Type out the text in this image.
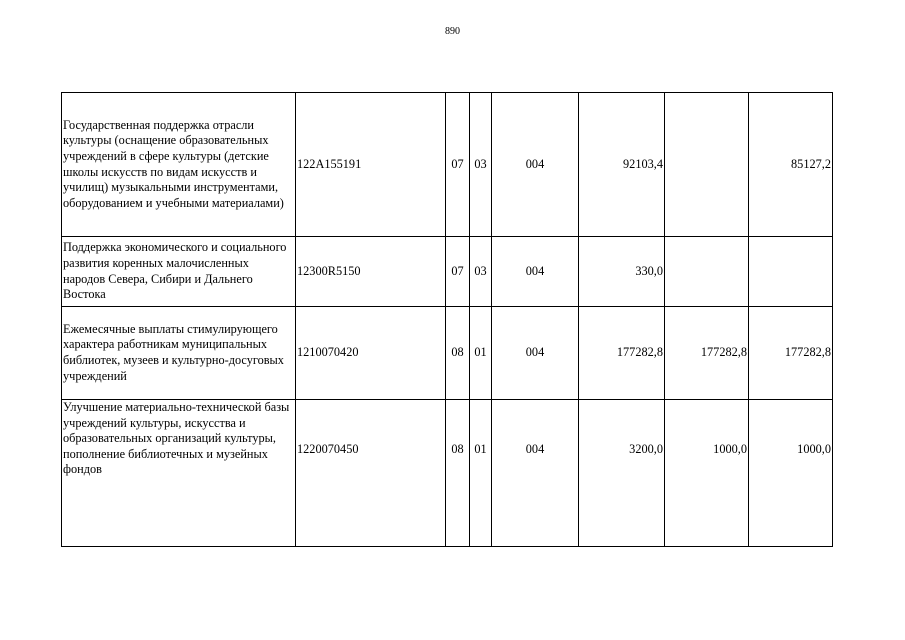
890
Государственная поддержка отрасли культуры (оснащение образовательных учреждений в сфере культуры (детские школы искусств по видам искусств и училищ) музыкальными инструментами, оборудованием и учебными материалами)	122A155191	07	03	004	92103,4		85127,2
Поддержка экономического и социального развития коренных малочисленных народов Севера, Сибири и Дальнего Востока	12300R5150	07	03	004	330,0		
Ежемесячные выплаты стимулирующего характера работникам муниципальных библиотек, музеев и культурно-досуговых учреждений	1210070420	08	01	004	177282,8	177282,8	177282,8
Улучшение материально-технической базы учреждений культуры, искусства и образовательных организаций культуры, пополнение библиотечных и музейных фондов	1220070450	08	01	004	3200,0	1000,0	1000,0
